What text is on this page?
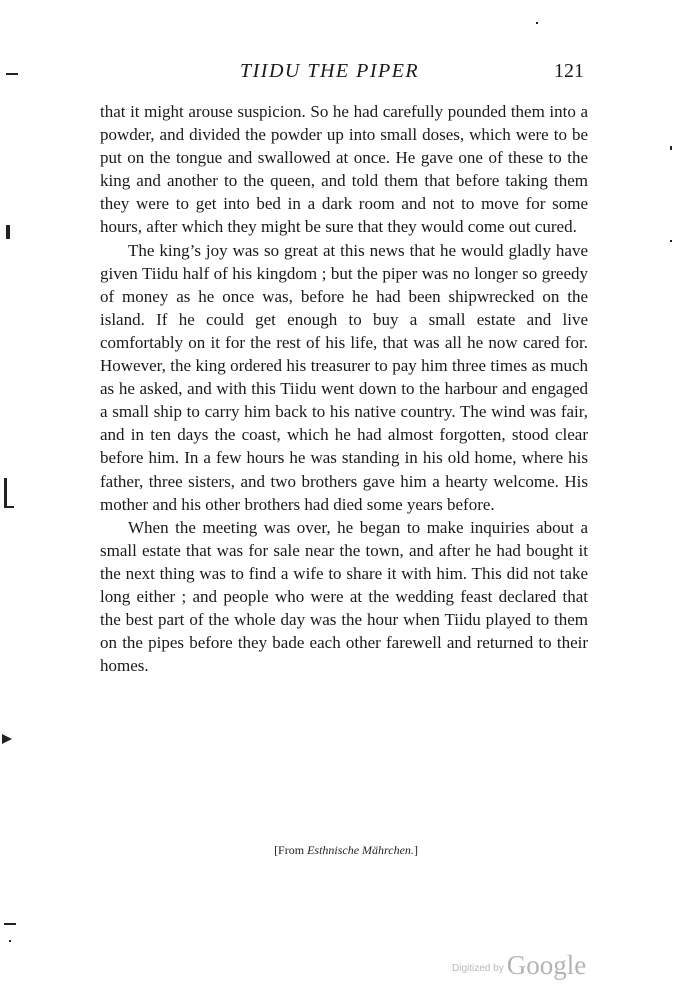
TIIDU THE PIPER	121

that it might arouse suspicion. So he had carefully pounded them into a powder, and divided the powder up into small doses, which were to be put on the tongue and swallowed at once. He gave one of these to the king and another to the queen, and told them that before taking them they were to get into bed in a dark room and not to move for some hours, after which they might be sure that they would come out cured.

The king’s joy was so great at this news that he would gladly have given Tiidu half of his kingdom ; but the piper was no longer so greedy of money as he once was, before he had been shipwrecked on the island. If he could get enough to buy a small estate and live comfortably on it for the rest of his life, that was all he now cared for. However, the king ordered his treasurer to pay him three times as much as he asked, and with this Tiidu went down to the harbour and engaged a small ship to carry him back to his native country. The wind was fair, and in ten days the coast, which he had almost forgotten, stood clear before him. In a few hours he was standing in his old home, where his father, three sisters, and two brothers gave him a hearty welcome. His mother and his other brothers had died some years before.

When the meeting was over, he began to make inquiries about a small estate that was for sale near the town, and after he had bought it the next thing was to find a wife to share it with him. This did not take long either ; and people who were at the wedding feast declared that the best part of the whole day was the hour when Tiidu played to them on the pipes before they bade each other farewell and returned to their homes.

[From Esthnische Mährchen.]
Digitized by Google
